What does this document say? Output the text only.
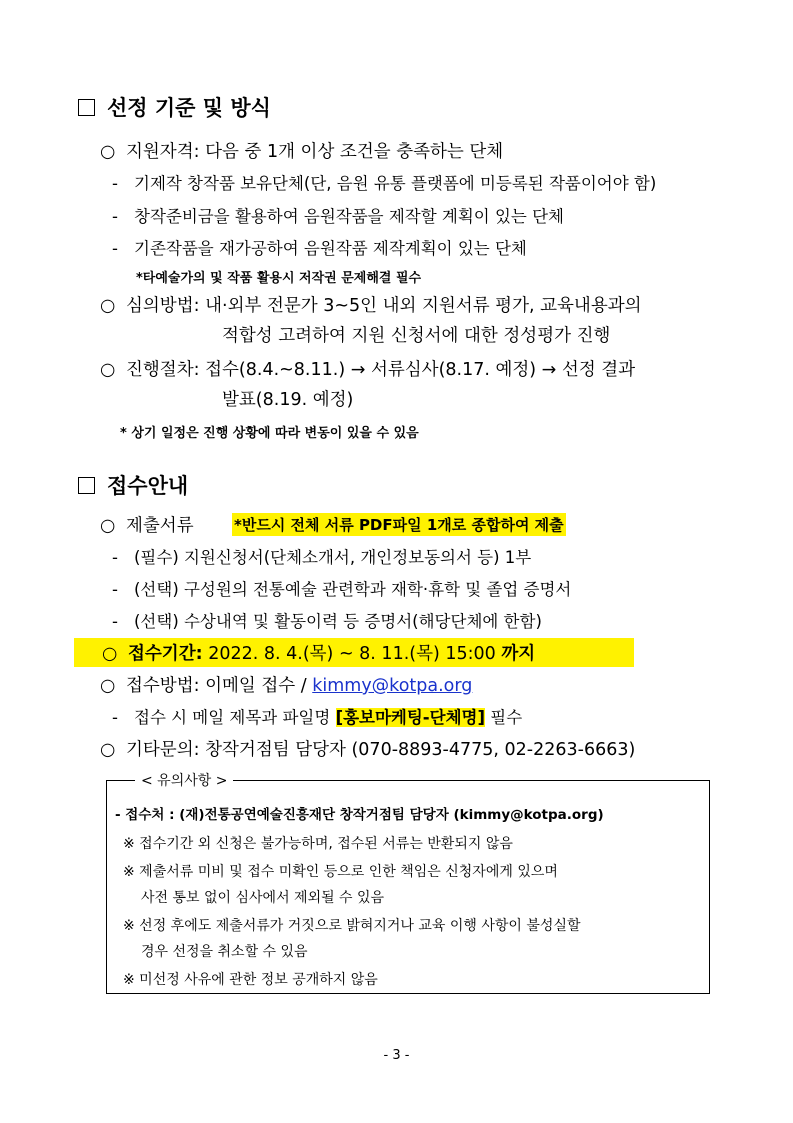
선정 기준 및 방식
○ 지원자격: 다음 중 1개 이상 조건을 충족하는 단체
- 기제작 창작품 보유단체(단, 음원 유통 플랫폼에 미등록된 작품이어야 함)
- 창작준비금을 활용하여 음원작품을 제작할 계획이 있는 단체
- 기존작품을 재가공하여 음원작품 제작계획이 있는 단체
*타예술가의 및 작품 활용시 저작권 문제해결 필수
○ 심의방법: 내·외부 전문가 3~5인 내외 지원서류 평가, 교육내용과의
적합성 고려하여 지원 신청서에 대한 정성평가 진행
○ 진행절차: 접수(8.4.~8.11.) → 서류심사(8.17. 예정) → 선정 결과
발표(8.19. 예정)
* 상기 일정은 진행 상황에 따라 변동이 있을 수 있음
접수안내
○ 제출서류	*반드시 전체 서류 PDF파일 1개로 종합하여 제출
- (필수) 지원신청서(단체소개서, 개인정보동의서 등) 1부
- (선택) 구성원의 전통예술 관련학과 재학·휴학 및 졸업 증명서
- (선택) 수상내역 및 활동이력 등 증명서(해당단체에 한함)
○ 접수기간: 2022. 8. 4.(목) ~ 8. 11.(목) 15:00 까지
○ 접수방법: 이메일 접수 / kimmy@kotpa.org
- 접수 시 메일 제목과 파일명 [홍보마케팅-단체명] 필수
○ 기타문의: 창작거점팀 담당자 (070-8893-4775, 02-2263-6663)
< 유의사항 >
- 접수처 : (재)전통공연예술진흥재단 창작거점팀 담당자 (kimmy@kotpa.org)
※ 접수기간 외 신청은 불가능하며, 접수된 서류는 반환되지 않음
※ 제출서류 미비 및 접수 미확인 등으로 인한 책임은 신청자에게 있으며
사전 통보 없이 심사에서 제외될 수 있음
※ 선정 후에도 제출서류가 거짓으로 밝혀지거나 교육 이행 사항이 불성실할
경우 선정을 취소할 수 있음
※ 미선정 사유에 관한 정보 공개하지 않음
- 3 -
